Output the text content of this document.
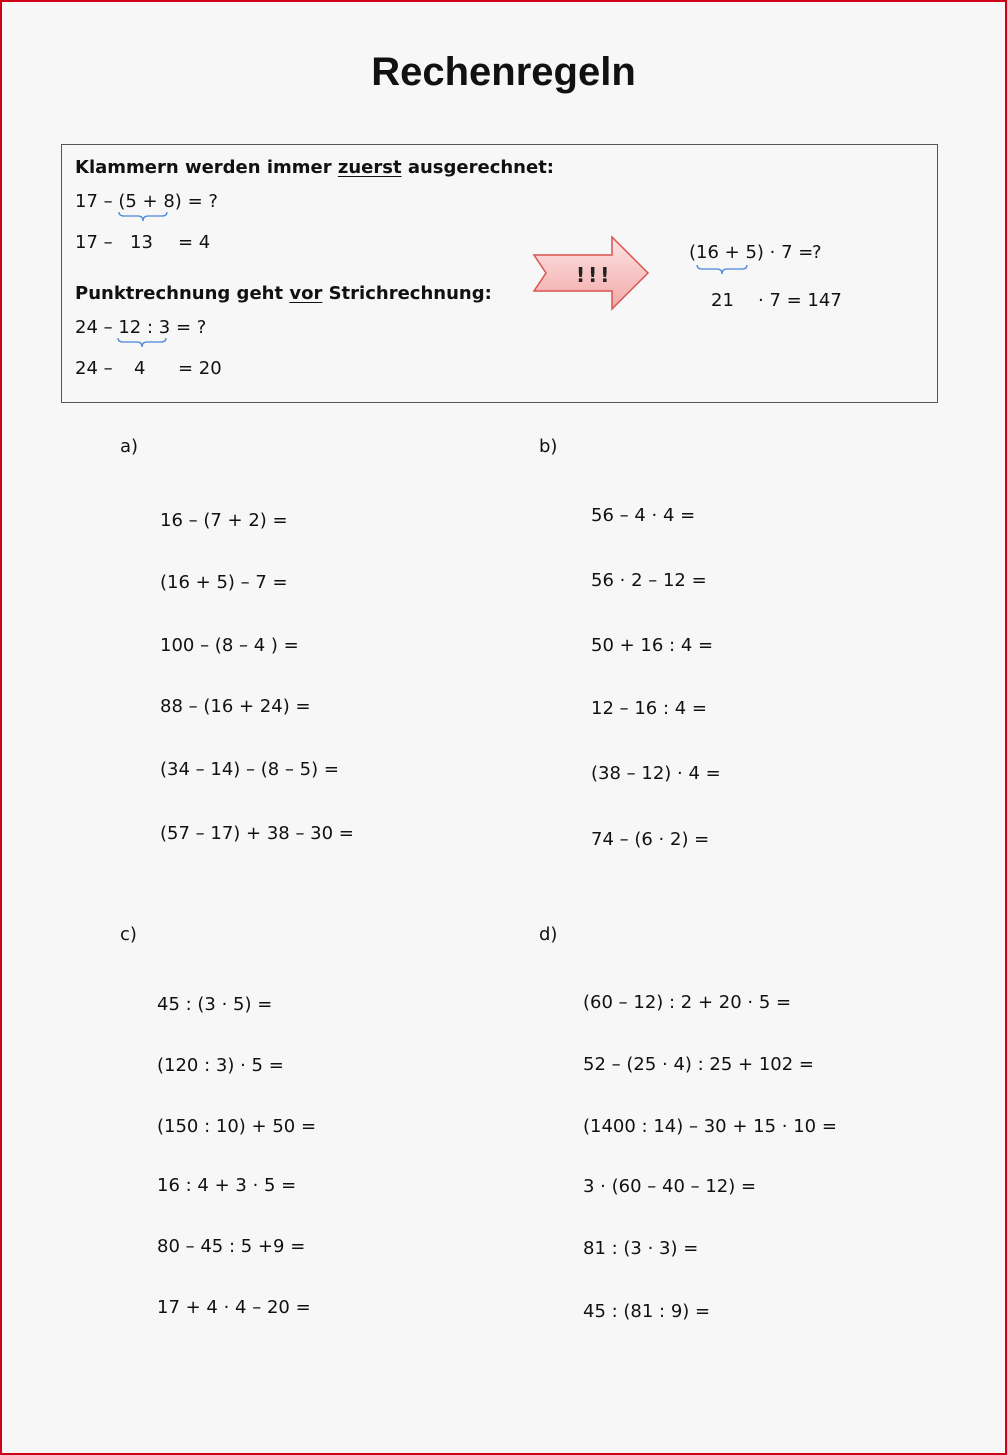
Rechenregeln
Klammern werden immer zuerst ausgerechnet:
17 – (5 + 8) = ?
17 – 13 = 4
Punktrechnung geht vor Strichrechnung:
24 – 12 : 3 = ?
24 – 4 = 20
!!!
(16 + 5) · 7 =
?
21 · 7 = 147
a)	b)
c)	d)
16 – (7 + 2) =
(16 + 5) – 7 =
100 – (8 – 4 ) =
88 – (16 + 24) =
(34 – 14) – (8 – 5) =
(57 – 17) + 38 – 30 =
56 – 4 · 4 =
56 · 2 – 12 =
50 + 16 : 4 =
12 – 16 : 4 =
(38 – 12) · 4 =
74 – (6 · 2) =
45 : (3 · 5) =
(120 : 3) · 5 =
(150 : 10) + 50 =
16 : 4 + 3 · 5 =
80 – 45 : 5 +9 =
17 + 4 · 4 – 20 =
(60 – 12) : 2 + 20 · 5 =
52 – (25 · 4) : 25 + 102 =
(1400 : 14) – 30 + 15 · 10 =
3 · (60 – 40 – 12) =
81 : (3 · 3) =
45 : (81 : 9) =
